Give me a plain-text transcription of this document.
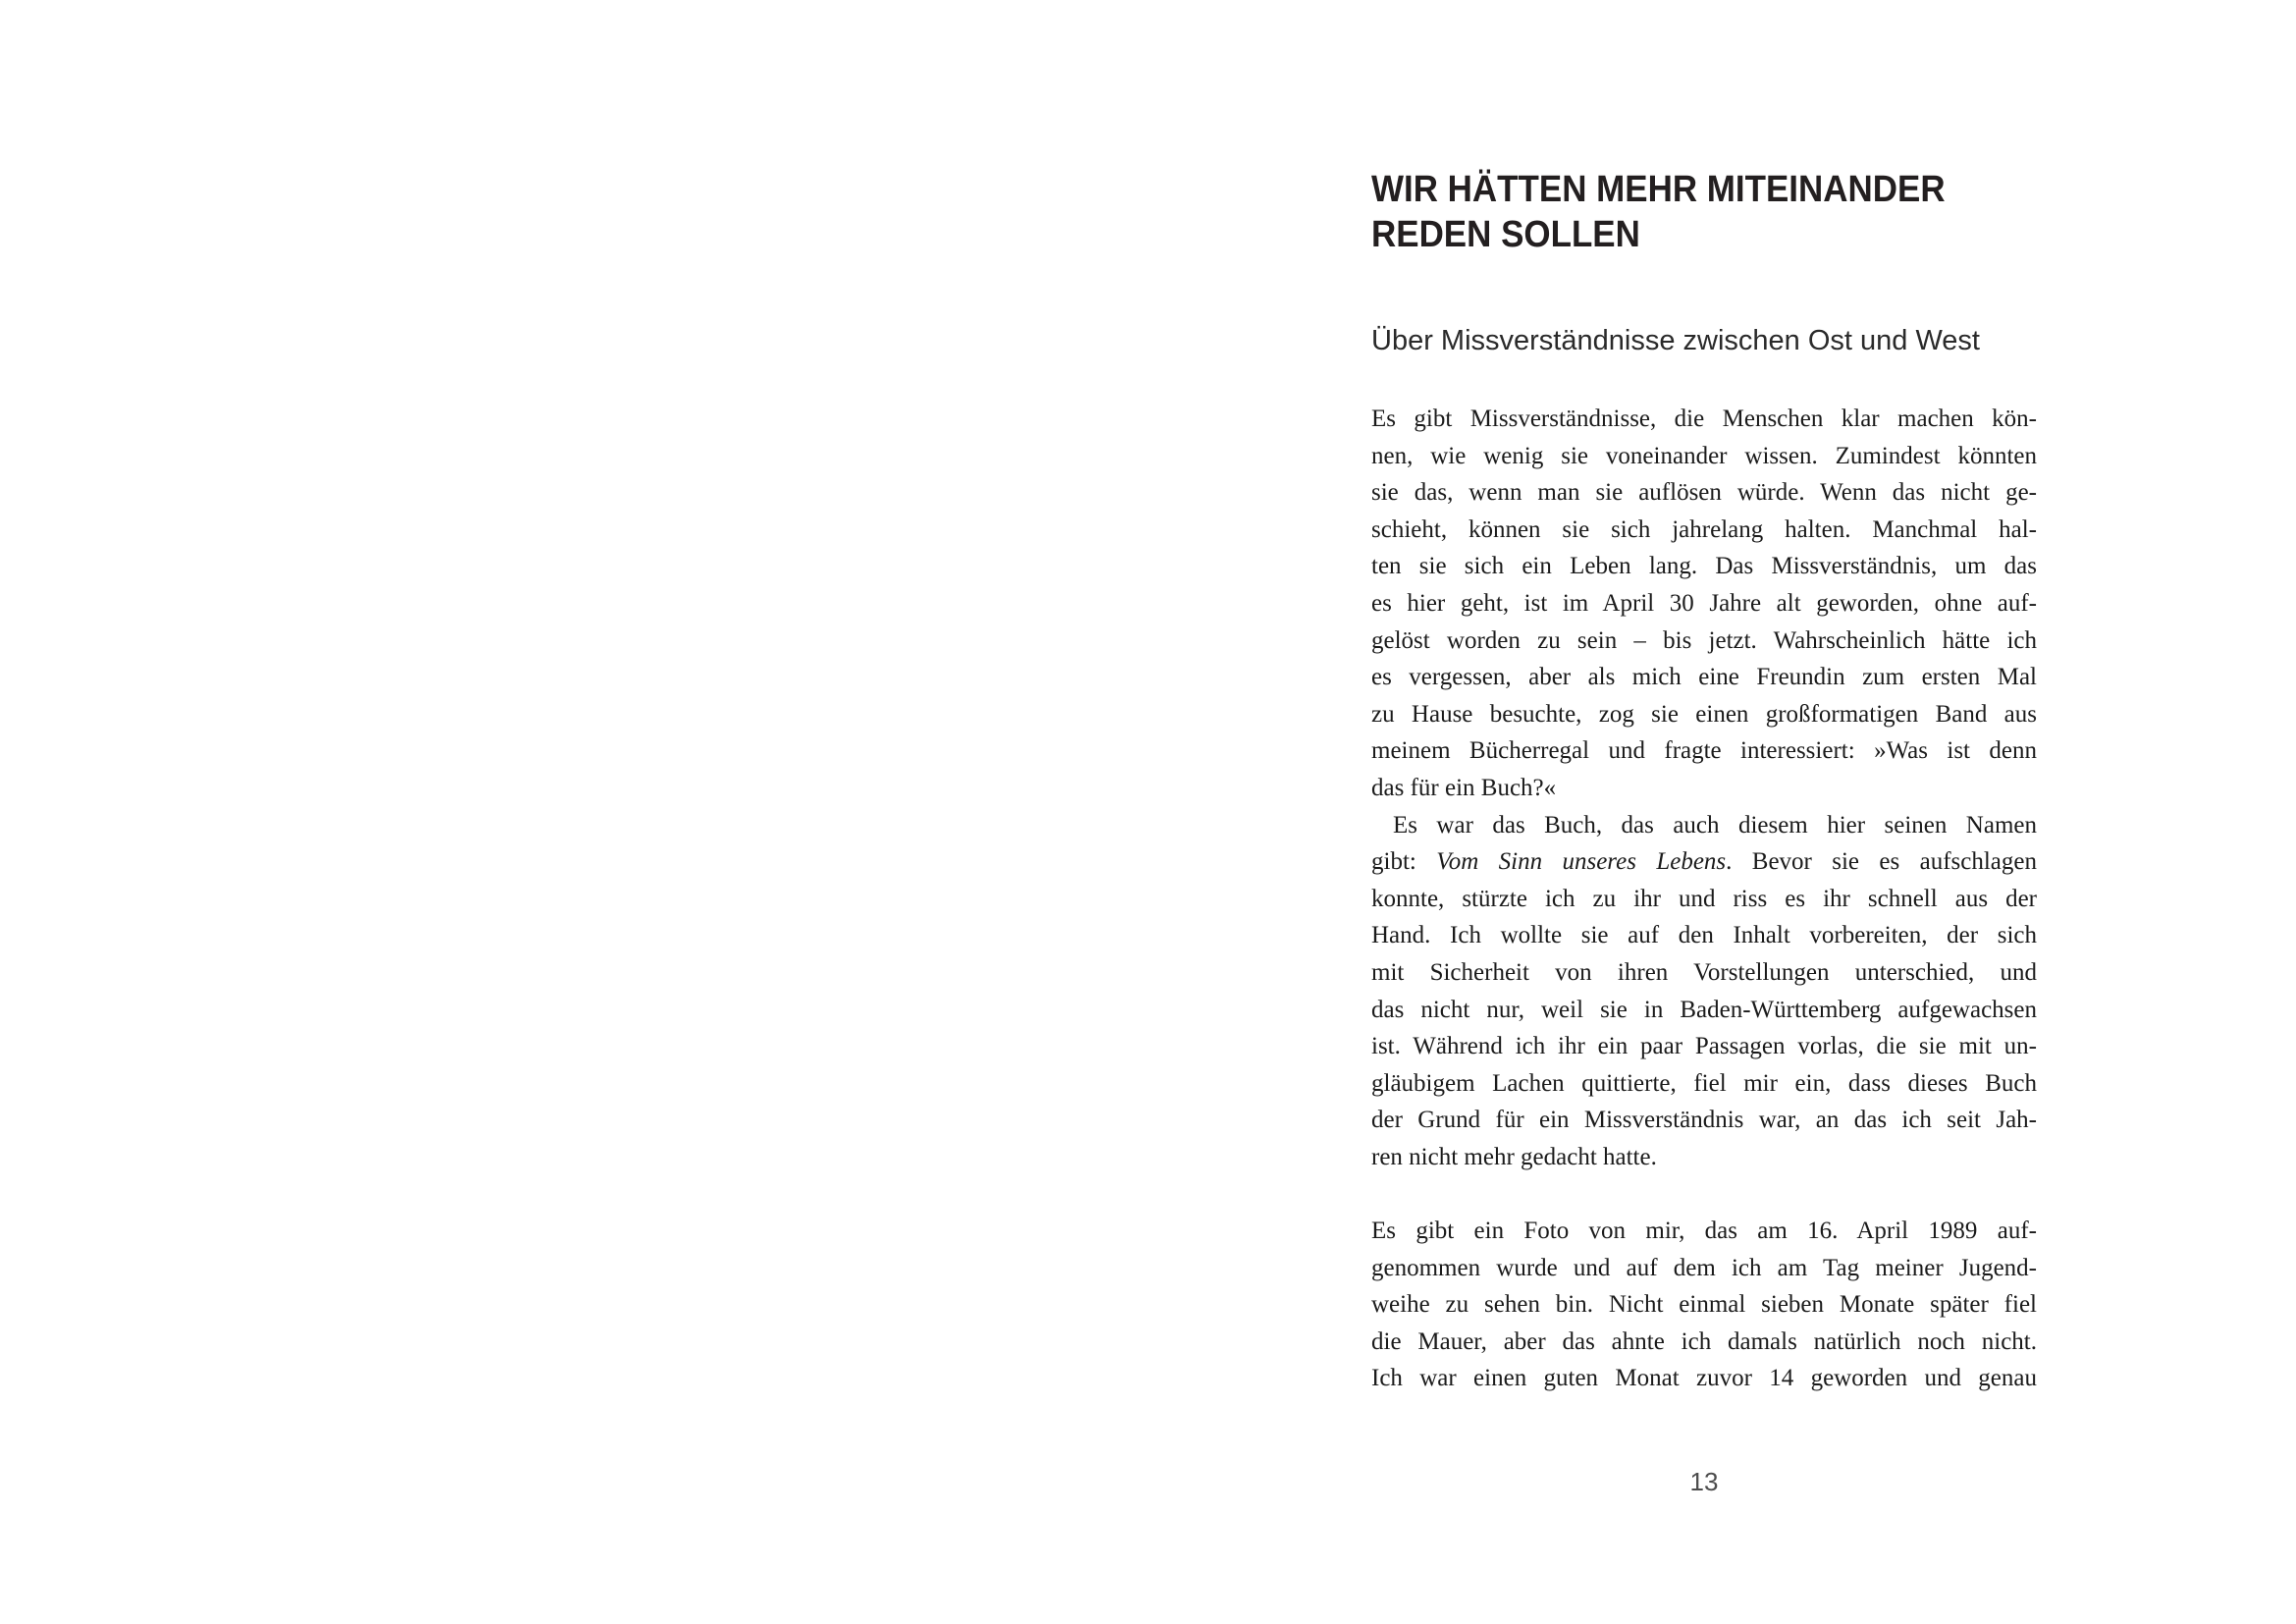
WIR HÄTTEN MEHR MITEINANDER
REDEN SOLLEN
Über Missverständnisse zwischen Ost und West
Es gibt Missverständnisse, die Menschen klar machen kön-
nen, wie wenig sie voneinander wissen. Zumindest könnten
sie das, wenn man sie auflösen würde. Wenn das nicht ge-
schieht, können sie sich jahrelang halten. Manchmal hal-
ten sie sich ein Leben lang. Das Missverständnis, um das
es hier geht, ist im April 30 Jahre alt geworden, ohne auf-
gelöst worden zu sein – bis jetzt. Wahrscheinlich hätte ich
es vergessen, aber als mich eine Freundin zum ersten Mal
zu Hause besuchte, zog sie einen großformatigen Band aus
meinem Bücherregal und fragte interessiert: »Was ist denn
das für ein Buch?«
Es war das Buch, das auch diesem hier seinen Namen
gibt: Vom Sinn unseres Lebens. Bevor sie es aufschlagen
konnte, stürzte ich zu ihr und riss es ihr schnell aus der
Hand. Ich wollte sie auf den Inhalt vorbereiten, der sich
mit Sicherheit von ihren Vorstellungen unterschied, und
das nicht nur, weil sie in Baden-Württemberg aufgewachsen
ist. Während ich ihr ein paar Passagen vorlas, die sie mit un-
gläubigem Lachen quittierte, fiel mir ein, dass dieses Buch
der Grund für ein Missverständnis war, an das ich seit Jah-
ren nicht mehr gedacht hatte.
Es gibt ein Foto von mir, das am 16. April 1989 auf-
genommen wurde und auf dem ich am Tag meiner Jugend-
weihe zu sehen bin. Nicht einmal sieben Monate später fiel
die Mauer, aber das ahnte ich damals natürlich noch nicht.
Ich war einen guten Monat zuvor 14 geworden und genau
13
